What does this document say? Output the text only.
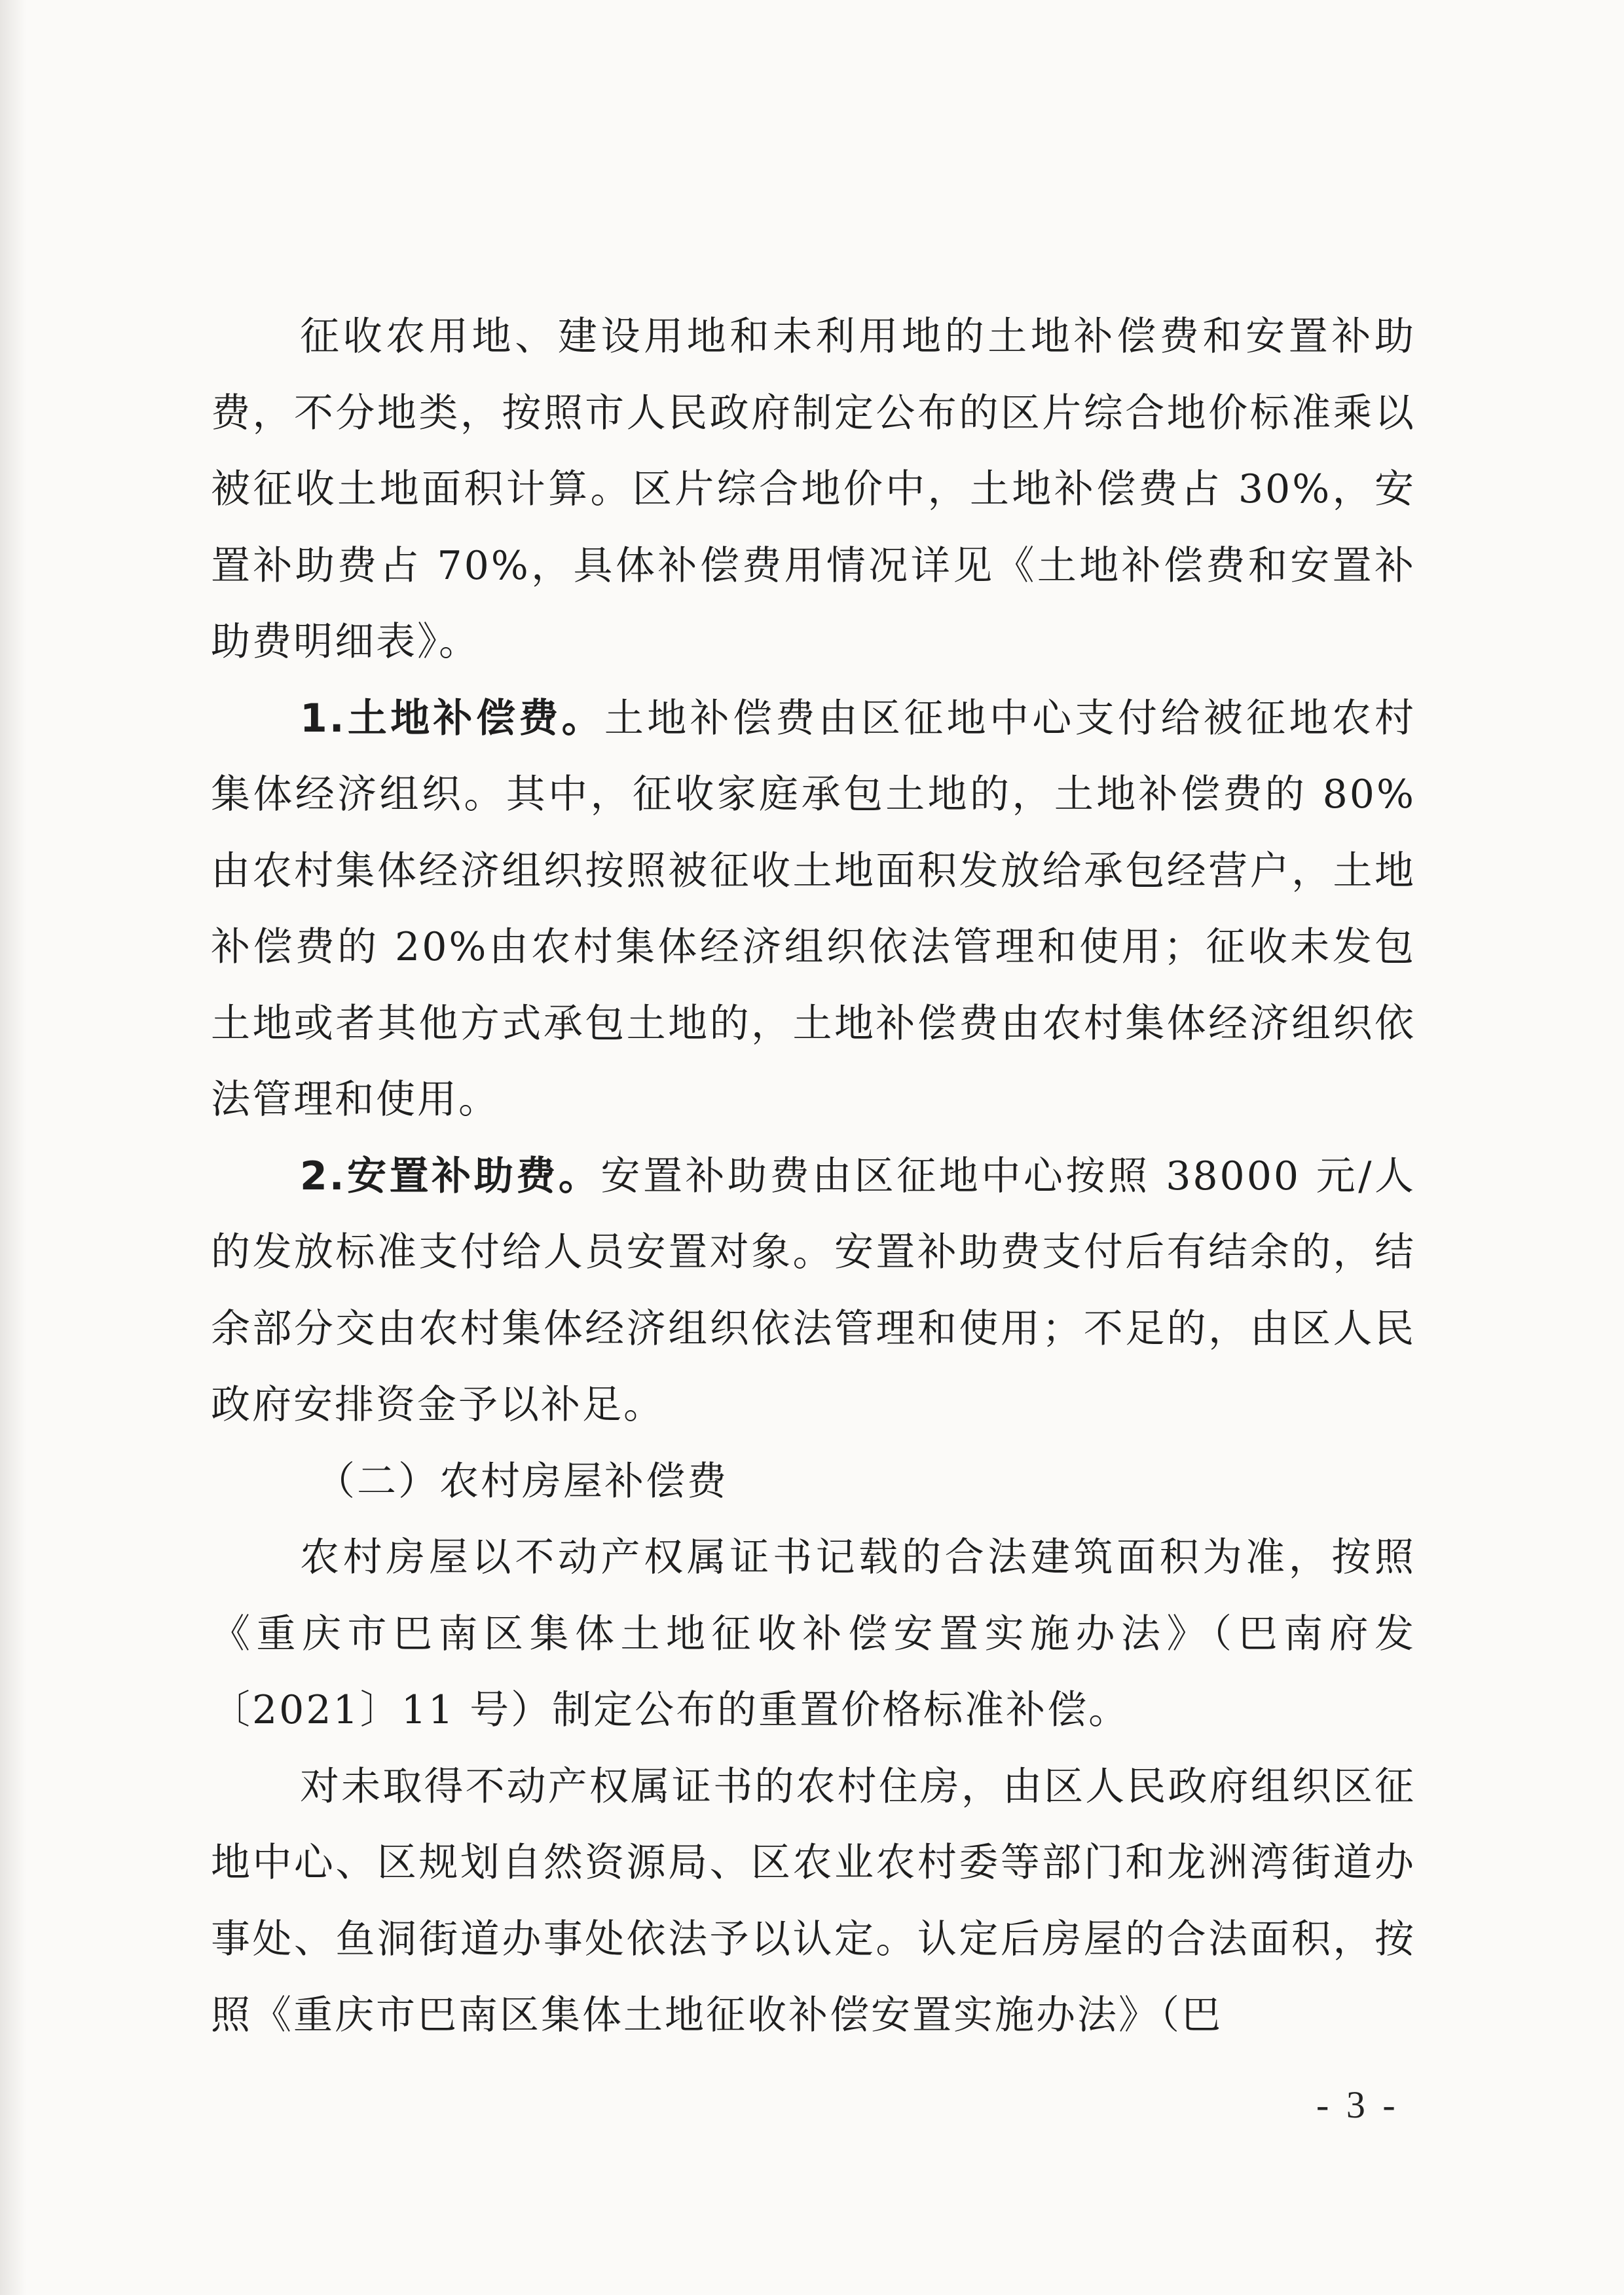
征收农用地、建设用地和未利用地的土地补偿费和安置补助费，不分地类，按照市人民政府制定公布的区片综合地价标准乘以被征收土地面积计算。区片综合地价中，土地补偿费占 30%，安置补助费占 70%，具体补偿费用情况详见《土地补偿费和安置补助费明细表》。

1.土地补偿费。土地补偿费由区征地中心支付给被征地农村集体经济组织。其中，征收家庭承包土地的，土地补偿费的 80%由农村集体经济组织按照被征收土地面积发放给承包经营户，土地补偿费的 20%由农村集体经济组织依法管理和使用；征收未发包土地或者其他方式承包土地的，土地补偿费由农村集体经济组织依法管理和使用。

2.安置补助费。安置补助费由区征地中心按照 38000 元/人的发放标准支付给人员安置对象。安置补助费支付后有结余的，结余部分交由农村集体经济组织依法管理和使用；不足的，由区人民政府安排资金予以补足。

（二）农村房屋补偿费

农村房屋以不动产权属证书记载的合法建筑面积为准，按照《重庆市巴南区集体土地征收补偿安置实施办法》（巴南府发〔2021〕11 号）制定公布的重置价格标准补偿。

对未取得不动产权属证书的农村住房，由区人民政府组织区征地中心、区规划自然资源局、区农业农村委等部门和龙洲湾街道办事处、鱼洞街道办事处依法予以认定。认定后房屋的合法面积，按照《重庆市巴南区集体土地征收补偿安置实施办法》（巴

- 3 -
